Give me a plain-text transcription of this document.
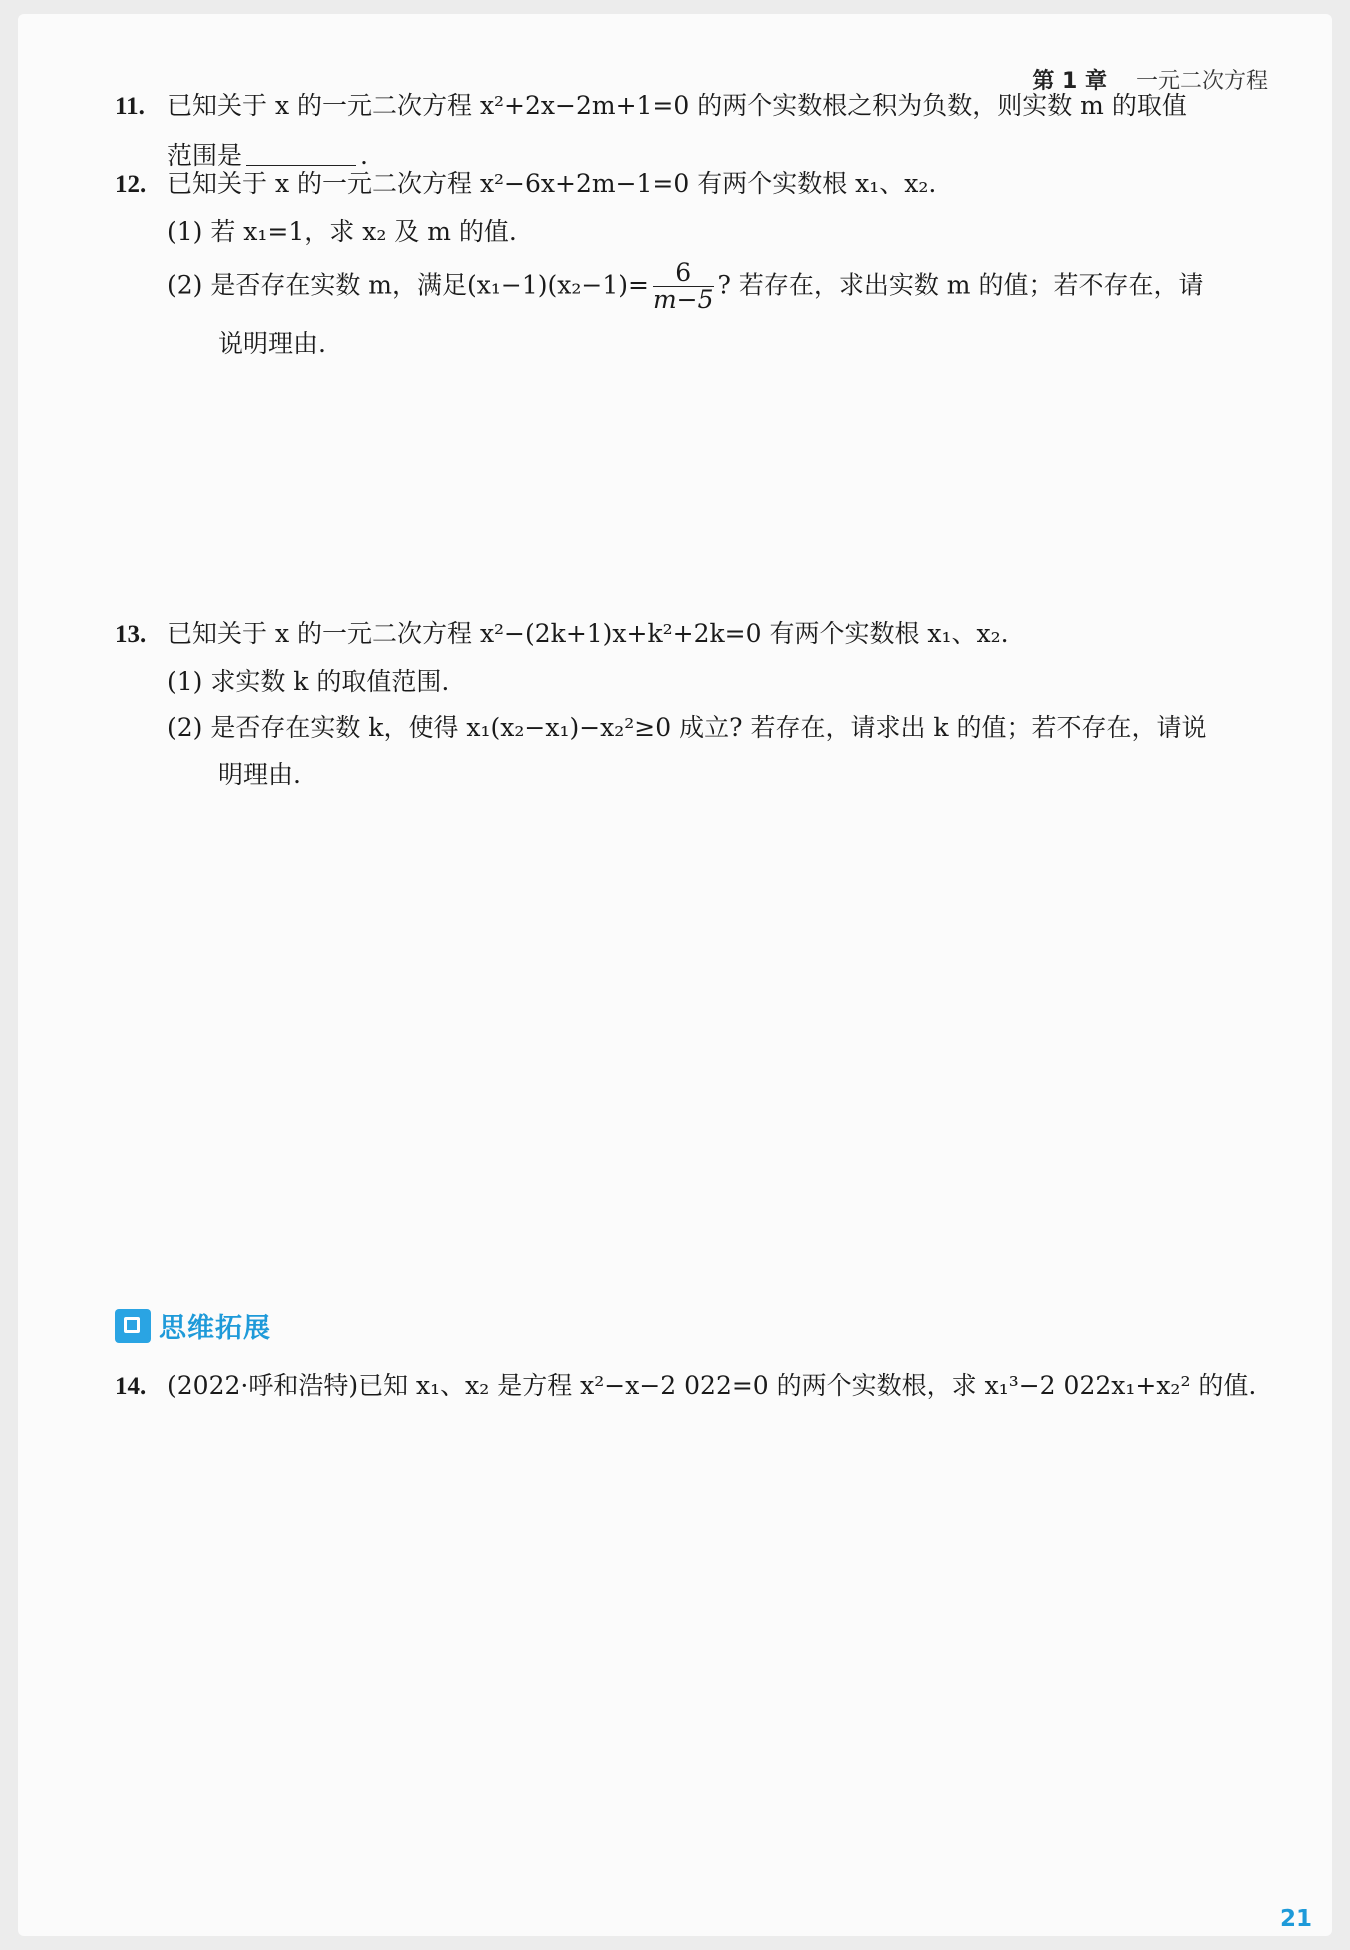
第 1 章 一元二次方程
11. 已知关于 x 的一元二次方程 x²+2x−2m+1=0 的两个实数根之积为负数，则实数 m 的取值
范围是	.
12. 已知关于 x 的一元二次方程 x²−6x+2m−1=0 有两个实数根 x₁、x₂.
(1) 若 x₁=1，求 x₂ 及 m 的值.
(2) 是否存在实数 m，满足$(x_1-1)(x_2-1)= \frac{6}{m-5}$ ? 若存在，求出实数 m 的值；若不存在，请
说明理由.
13. 已知关于 x 的一元二次方程 x²−(2k+1)x+k²+2k=0 有两个实数根 x₁、x₂.
(1) 求实数 k 的取值范围.
(2) 是否存在实数 k，使得 x₁(x₂−x₁)−x₂²≥0 成立? 若存在，请求出 k 的值；若不存在，请说
明理由.
思维拓展
14. (2022·呼和浩特)已知 x₁、x₂ 是方程 x²−x−2 022=0 的两个实数根，求 x₁³−2 022x₁+x₂² 的值.
21
